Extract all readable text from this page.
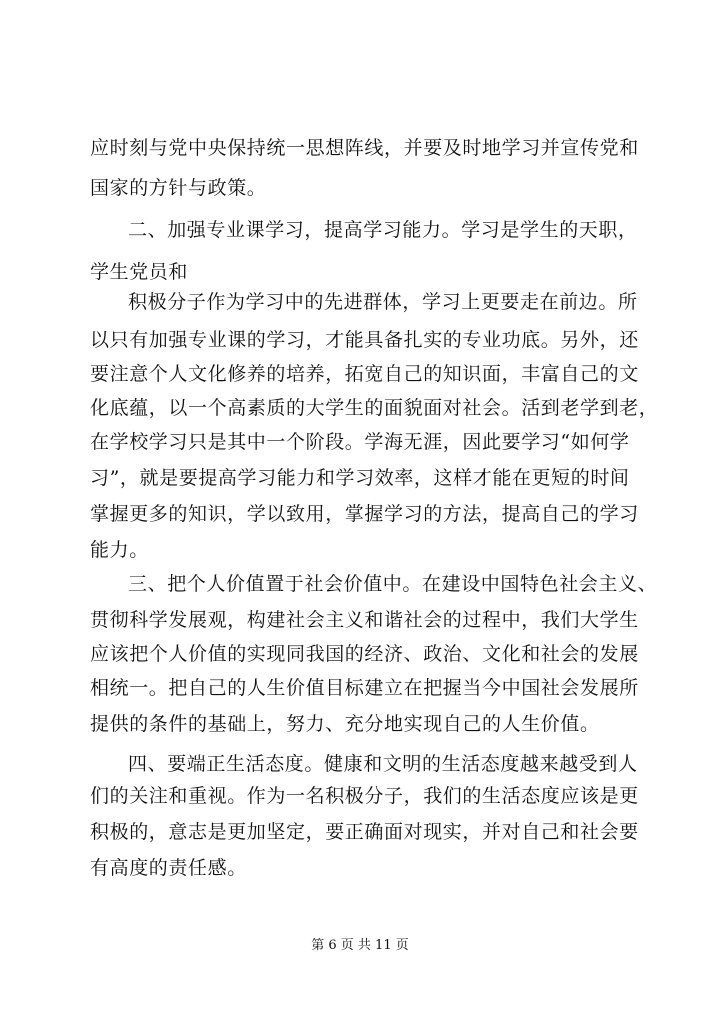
应时刻与党中央保持统一思想阵线，并要及时地学习并宣传党和
国家的方针与政策。
二、加强专业课学习，提高学习能力。学习是学生的天职，
学生党员和
积极分子作为学习中的先进群体，学习上更要走在前边。所
以只有加强专业课的学习，才能具备扎实的专业功底。另外，还
要注意个人文化修养的培养，拓宽自己的知识面，丰富自己的文
化底蕴，以一个高素质的大学生的面貌面对社会。活到老学到老，
在学校学习只是其中一个阶段。学海无涯，因此要学习“如何学
习”，就是要提高学习能力和学习效率，这样才能在更短的时间
掌握更多的知识，学以致用，掌握学习的方法，提高自己的学习
能力。
三、把个人价值置于社会价值中。在建设中国特色社会主义、
贯彻科学发展观，构建社会主义和谐社会的过程中，我们大学生
应该把个人价值的实现同我国的经济、政治、文化和社会的发展
相统一。把自己的人生价值目标建立在把握当今中国社会发展所
提供的条件的基础上，努力、充分地实现自己的人生价值。
四、要端正生活态度。健康和文明的生活态度越来越受到人
们的关注和重视。作为一名积极分子，我们的生活态度应该是更
积极的，意志是更加坚定，要正确面对现实，并对自己和社会要
有高度的责任感。
第 6 页 共 11 页
